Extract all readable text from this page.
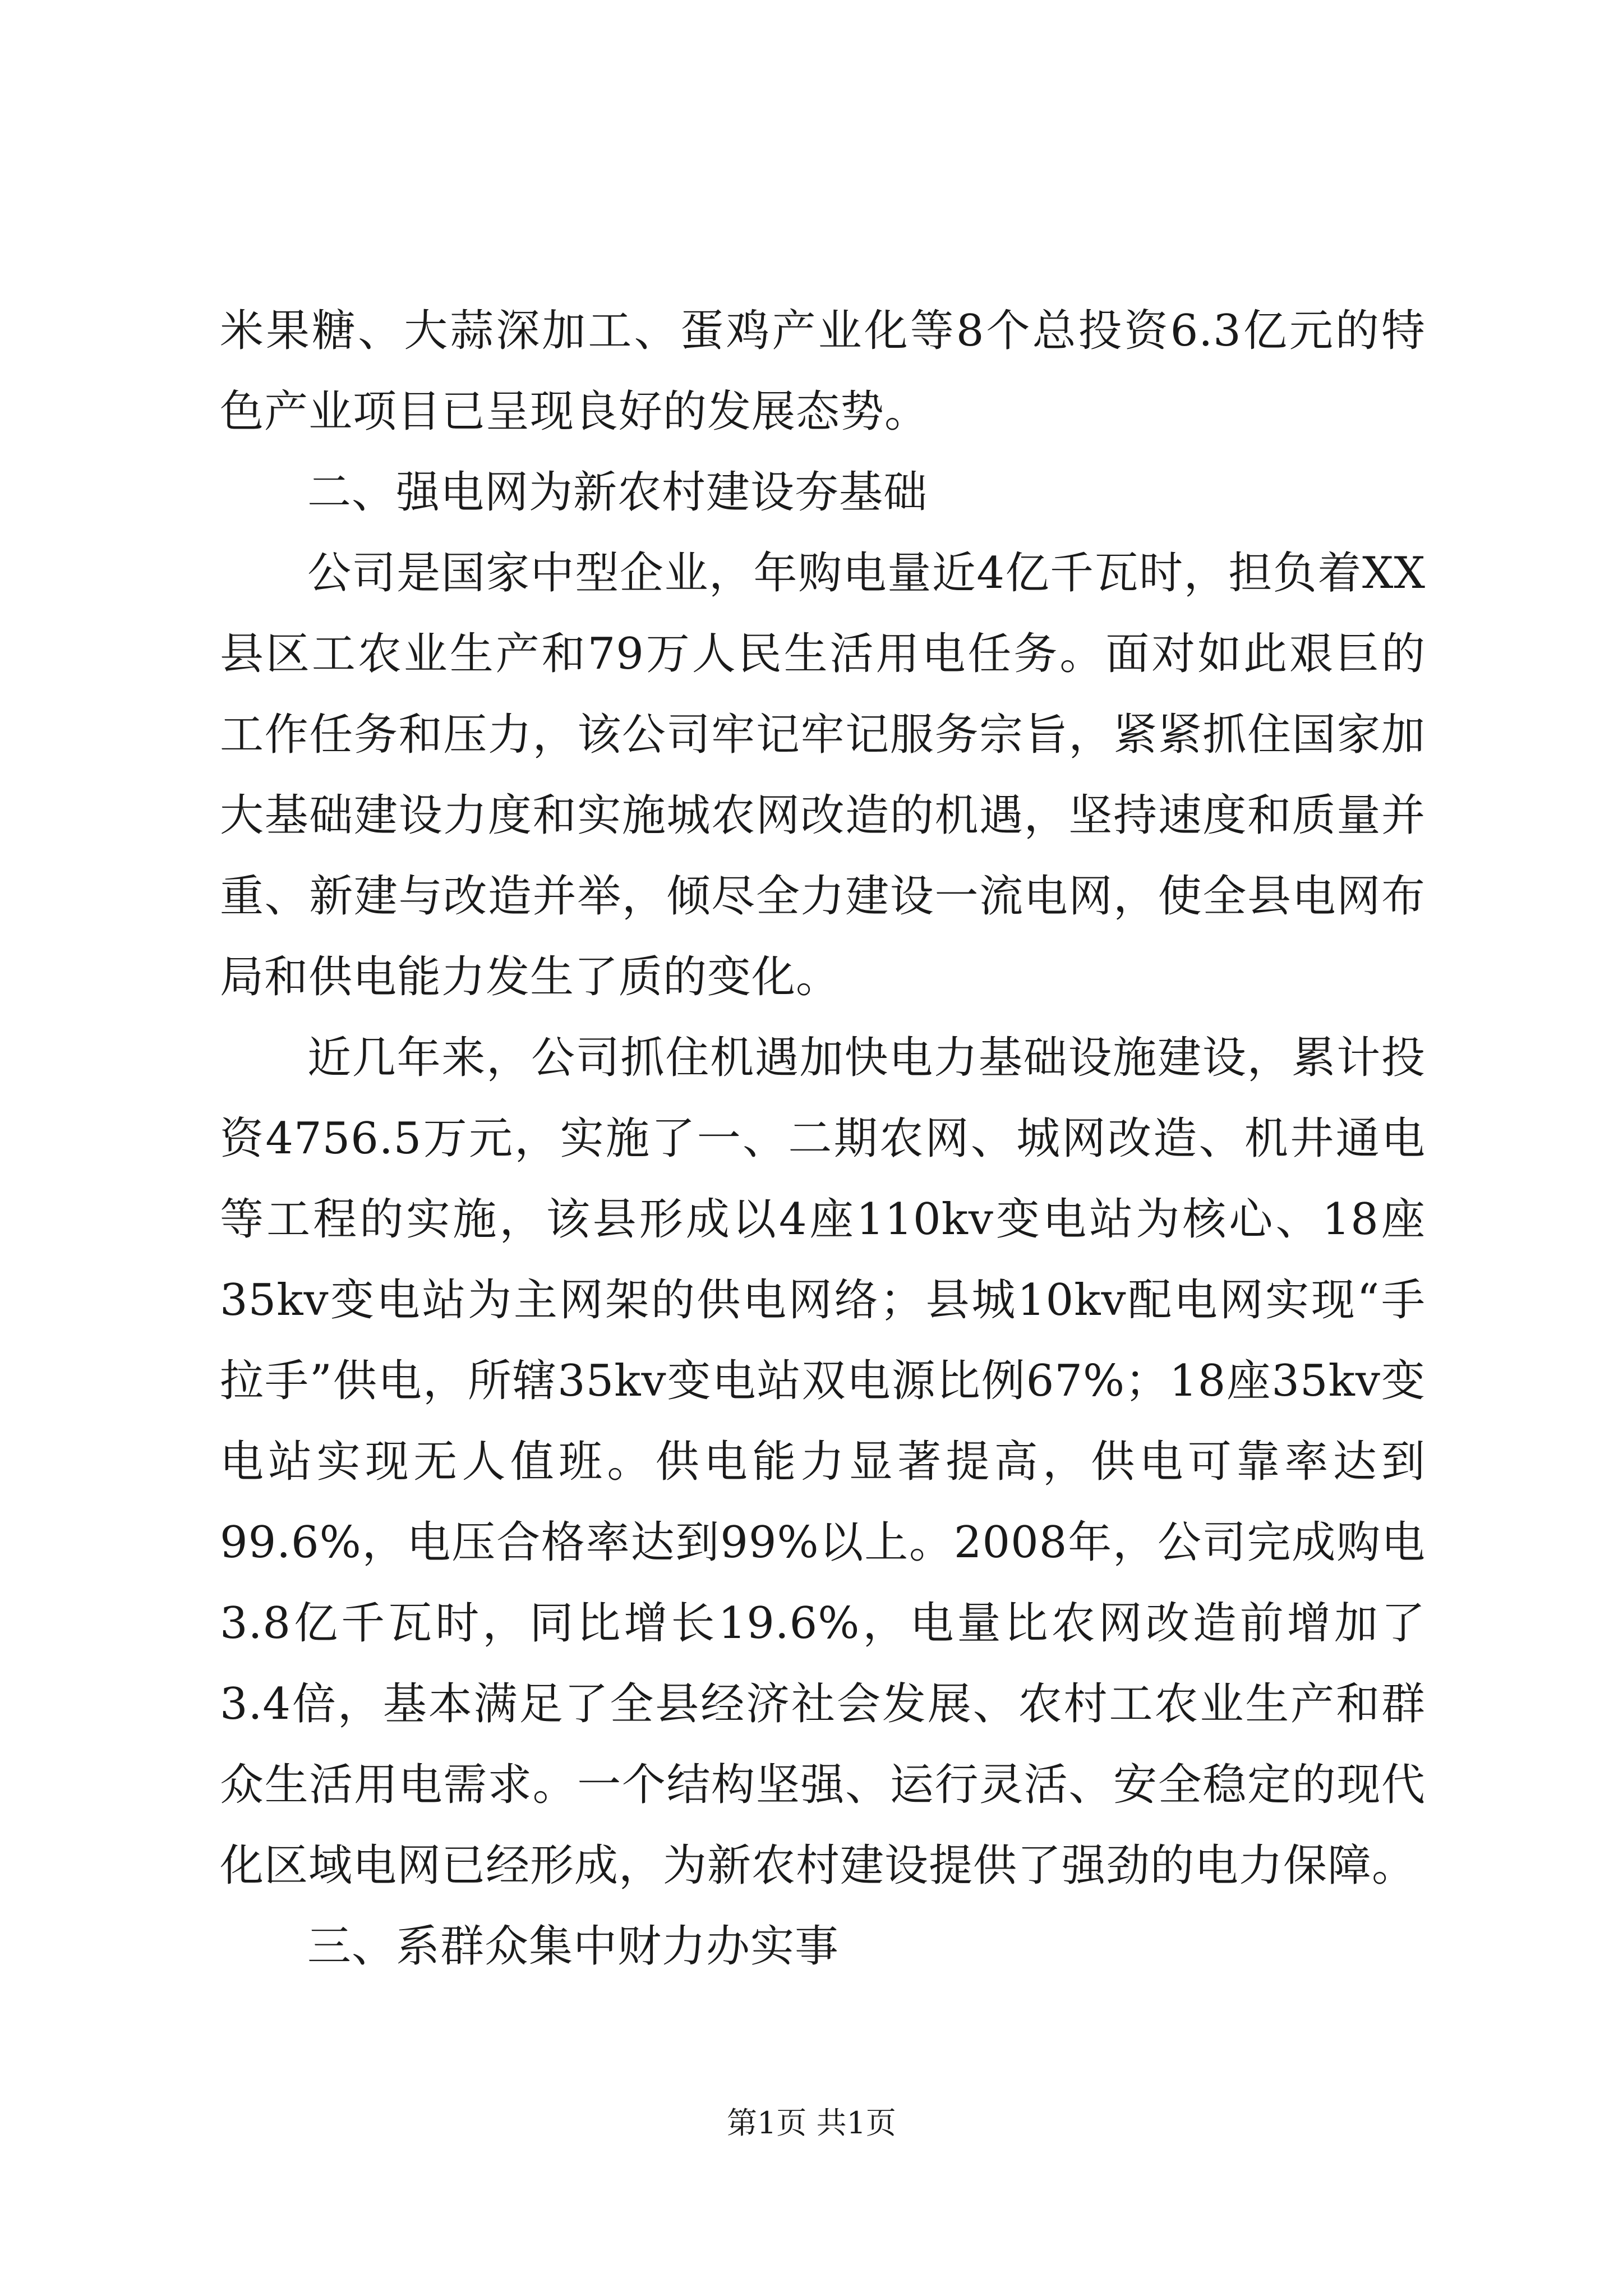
米果糖、大蒜深加工、蛋鸡产业化等8个总投资6.3亿元的特色产业项目已呈现良好的发展态势。

二、强电网为新农村建设夯基础

公司是国家中型企业，年购电量近4亿千瓦时，担负着XX县区工农业生产和79万人民生活用电任务。面对如此艰巨的工作任务和压力，该公司牢记牢记服务宗旨，紧紧抓住国家加大基础建设力度和实施城农网改造的机遇，坚持速度和质量并重、新建与改造并举，倾尽全力建设一流电网，使全县电网布局和供电能力发生了质的变化。

近几年来，公司抓住机遇加快电力基础设施建设，累计投资4756.5万元，实施了一、二期农网、城网改造、机井通电等工程的实施，该县形成以4座110kv变电站为核心、18座35kv变电站为主网架的供电网络；县城10kv配电网实现“手拉手”供电，所辖35kv变电站双电源比例67%；18座35kv变电站实现无人值班。供电能力显著提高，供电可靠率达到99.6%，电压合格率达到99%以上。2008年，公司完成购电3.8亿千瓦时，同比增长19.6%，电量比农网改造前增加了3.4倍，基本满足了全县经济社会发展、农村工农业生产和群众生活用电需求。一个结构坚强、运行灵活、安全稳定的现代化区域电网已经形成，为新农村建设提供了强劲的电力保障。

三、系群众集中财力办实事

第1页 共1页
